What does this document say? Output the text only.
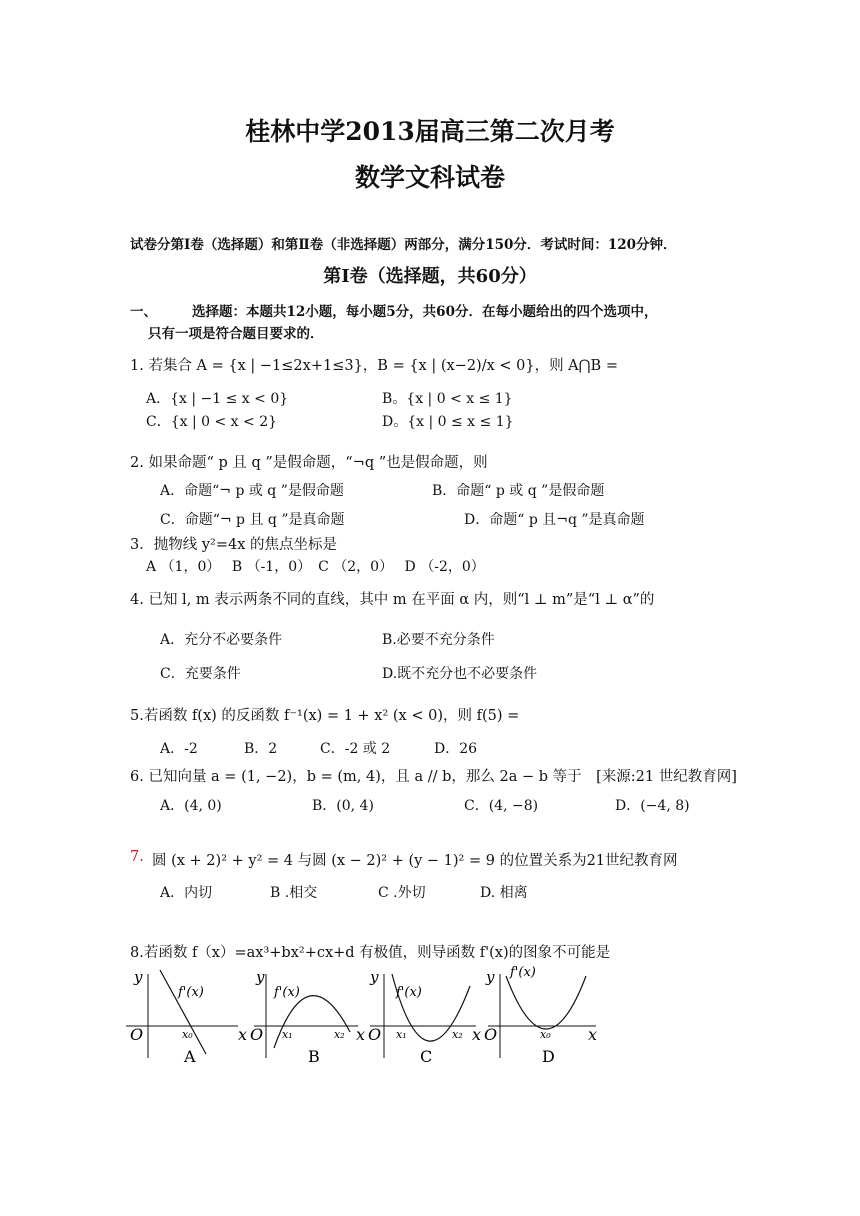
桂林中学2013届高三第二次月考
数学文科试卷
试卷分第Ⅰ卷（选择题）和第Ⅱ卷（非选择题）两部分，满分150分．考试时间：120分钟．
第Ⅰ卷（选择题，共60分）
一、	选择题：本题共12小题，每小题5分，共60分．在每小题给出的四个选项中，
只有一项是符合题目要求的．
1. 若集合 A = {x | −1≤2x+1≤3}，B = {x | (x−2)/x < 0}，则 A⋂B =
A．{x | −1 ≤ x < 0}	B。{x | 0 < x ≤ 1}
C．{x | 0 < x < 2}	D。{x | 0 ≤ x ≤ 1}
2. 如果命题“ p 且 q ”是假命题，“¬q ”也是假命题，则
A．命题“¬ p 或 q ”是假命题	B．命题“ p 或 q ”是假命题
C．命题“¬ p 且 q ”是真命题	D．命题“ p 且¬q ”是真命题
3．抛物线 y²=4x 的焦点坐标是
A （1，0）　 B （-1，0）　C （2，0）　 D （-2，0）
4. 已知 l, m 表示两条不同的直线，其中 m 在平面 α 内，则“l ⊥ m”是“l ⊥ α”的
A．充分不必要条件	B.必要不充分条件
C．充要条件	D.既不充分也不必要条件
5.若函数 f(x) 的反函数 f⁻¹(x) = 1 + x² (x < 0)，则 f(5) =
A．-2	B．2	C．-2 或 2	D．26
6. 已知向量 a = (1, −2)，b = (m, 4)，且 a // b，那么 2a − b 等于　[来源:21 世纪教育网]
A．(4, 0)	B．(0, 4)	C．(4, −8)	D．(−4, 8)
7. 圆 (x + 2)² + y² = 4 与圆 (x − 2)² + (y − 1)² = 9 的位置关系为21世纪教育网
A．内切	B .相交	C .外切	D. 相离
8.若函数 f（x）=ax³+bx²+cx+d 有极值，则导函数 f'(x)的图象不可能是
y
O	x
f'(x)
x₀
A
y
O	x
f'(x)
x₁	x₂
B
y
O	x
f'(x)
x₁	x₂
C
y
O	x
f'(x)
x₀
D
